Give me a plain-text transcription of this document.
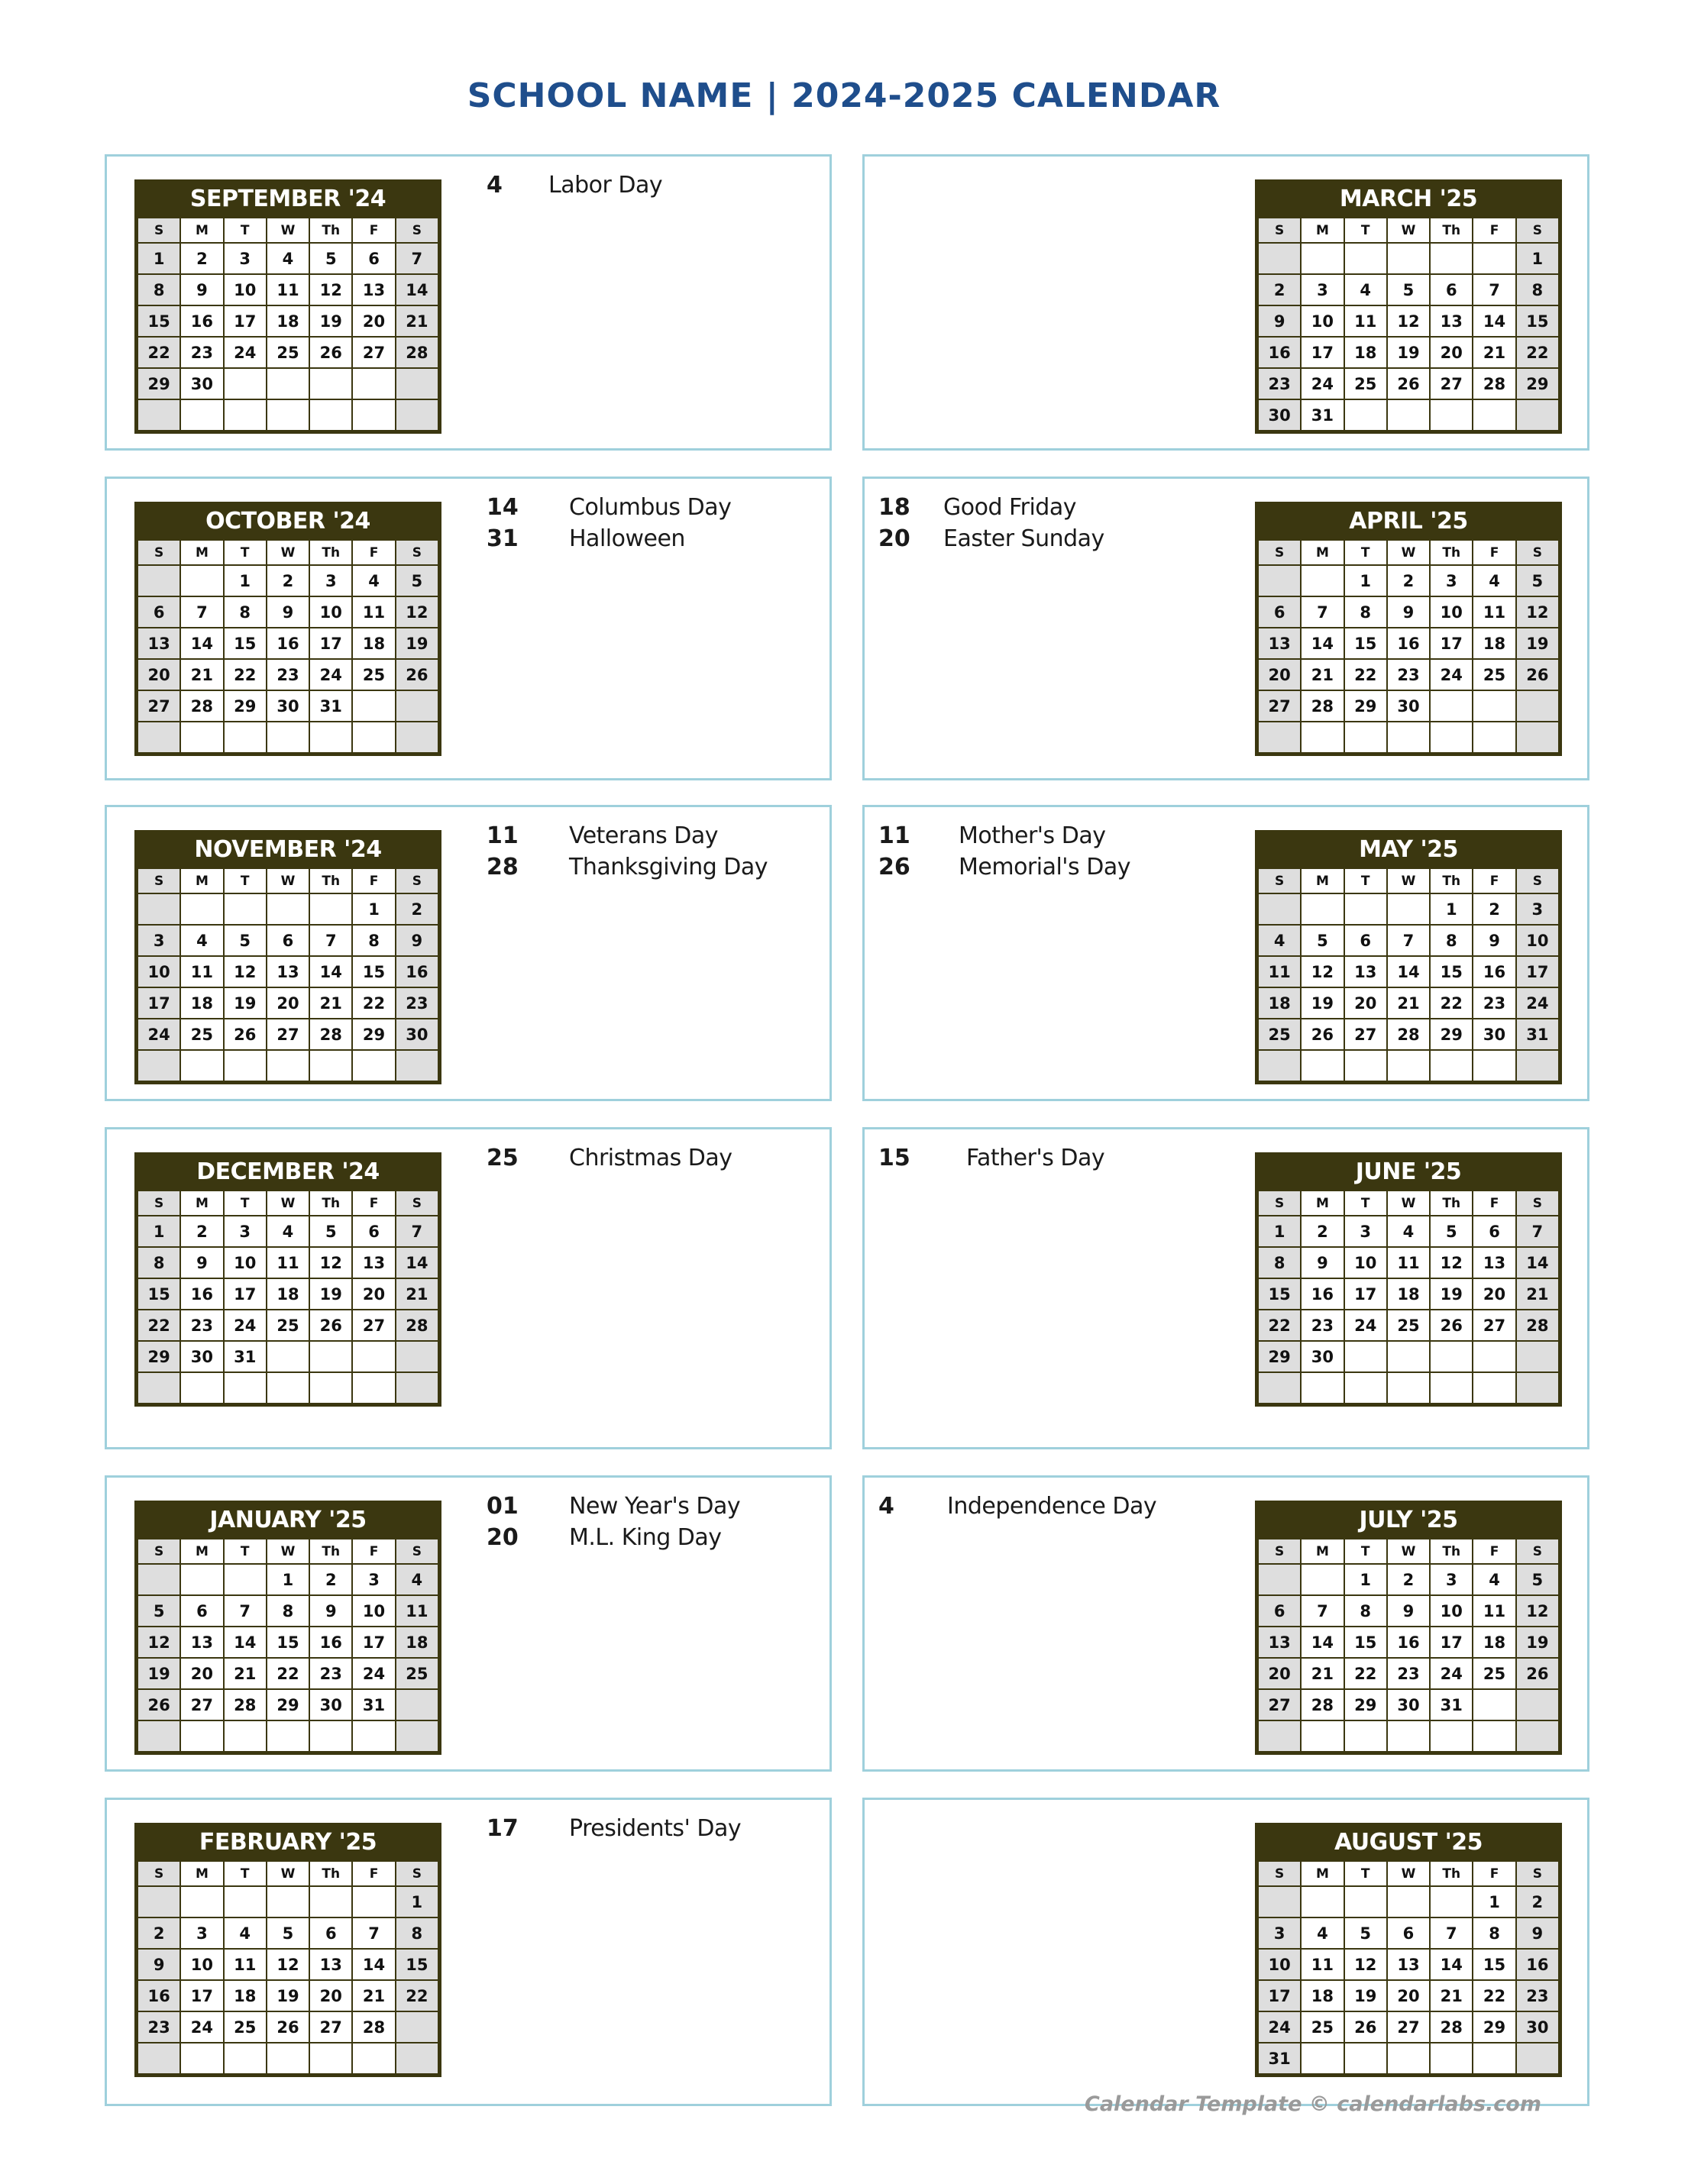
SCHOOL NAME | 2024-2025 CALENDAR
SEPTEMBER '24
S	M	T	W	Th	F	S
1	2	3	4	5	6	7
8	9	10	11	12	13	14
15	16	17	18	19	20	21
22	23	24	25	26	27	28
29	30					

4 Labor Day
MARCH '25
S	M	T	W	Th	F	S
						1
2	3	4	5	6	7	8
9	10	11	12	13	14	15
16	17	18	19	20	21	22
23	24	25	26	27	28	29
30	31					
OCTOBER '24
S	M	T	W	Th	F	S
		1	2	3	4	5
6	7	8	9	10	11	12
13	14	15	16	17	18	19
20	21	22	23	24	25	26
27	28	29	30	31		

14 Columbus Day
31 Halloween
APRIL '25
S	M	T	W	Th	F	S
		1	2	3	4	5
6	7	8	9	10	11	12
13	14	15	16	17	18	19
20	21	22	23	24	25	26
27	28	29	30			

18 Good Friday
20 Easter Sunday
NOVEMBER '24
S	M	T	W	Th	F	S
					1	2
3	4	5	6	7	8	9
10	11	12	13	14	15	16
17	18	19	20	21	22	23
24	25	26	27	28	29	30

11 Veterans Day
28 Thanksgiving Day
MAY '25
S	M	T	W	Th	F	S
				1	2	3
4	5	6	7	8	9	10
11	12	13	14	15	16	17
18	19	20	21	22	23	24
25	26	27	28	29	30	31

11 Mother's Day
26 Memorial's Day
DECEMBER '24
S	M	T	W	Th	F	S
1	2	3	4	5	6	7
8	9	10	11	12	13	14
15	16	17	18	19	20	21
22	23	24	25	26	27	28
29	30	31				

25 Christmas Day
JUNE '25
S	M	T	W	Th	F	S
1	2	3	4	5	6	7
8	9	10	11	12	13	14
15	16	17	18	19	20	21
22	23	24	25	26	27	28
29	30					

15 Father's Day
JANUARY '25
S	M	T	W	Th	F	S
			1	2	3	4
5	6	7	8	9	10	11
12	13	14	15	16	17	18
19	20	21	22	23	24	25
26	27	28	29	30	31	

01 New Year's Day
20 M.L. King Day
JULY '25
S	M	T	W	Th	F	S
		1	2	3	4	5
6	7	8	9	10	11	12
13	14	15	16	17	18	19
20	21	22	23	24	25	26
27	28	29	30	31		

4 Independence Day
FEBRUARY '25
S	M	T	W	Th	F	S
						1
2	3	4	5	6	7	8
9	10	11	12	13	14	15
16	17	18	19	20	21	22
23	24	25	26	27	28	

17 Presidents' Day
AUGUST '25
S	M	T	W	Th	F	S
					1	2
3	4	5	6	7	8	9
10	11	12	13	14	15	16
17	18	19	20	21	22	23
24	25	26	27	28	29	30
31						
Calendar Template © calendarlabs.com
